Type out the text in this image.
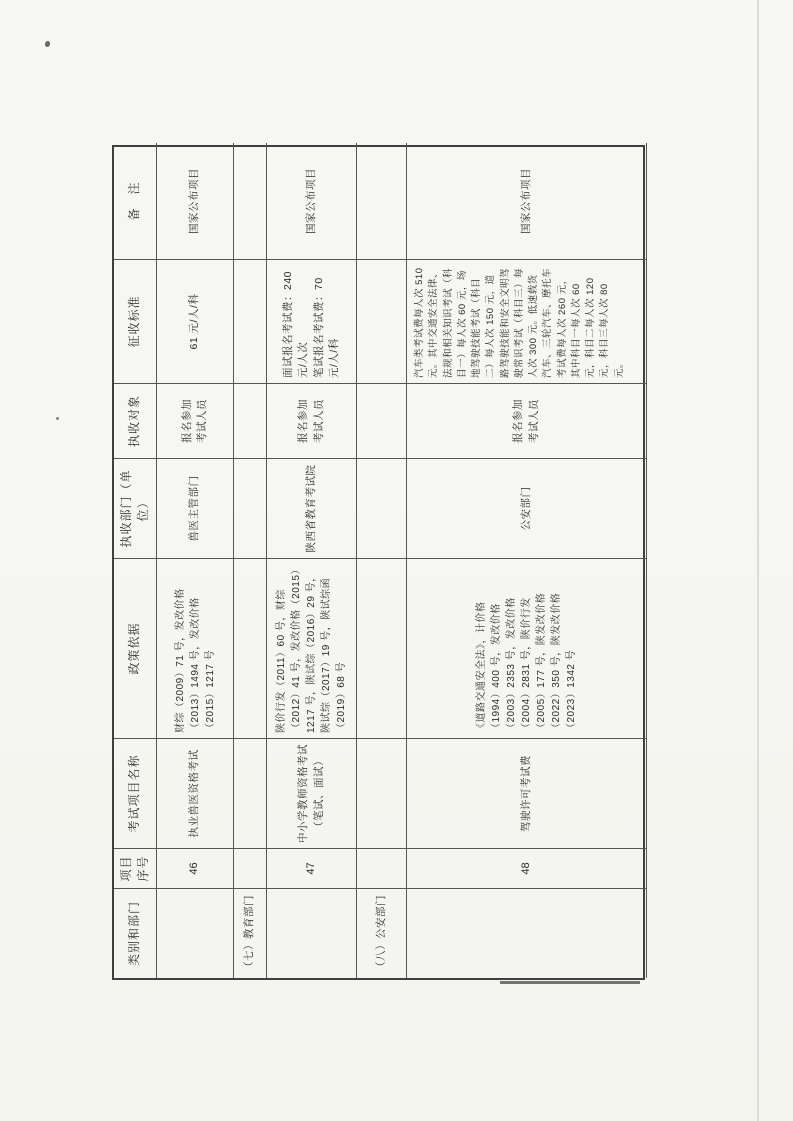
类别和部门
项目序号
考试项目名称
政策依据
执收部门（单位）
执收对象
征收标准
备　注
46
执业兽医资格考试
财综（2009）71 号，发改价格（2013）1494 号，发改价格（2015）1217 号
兽医主管部门
报名参加考试人员
61 元/人/科
国家公布项目
（七）教育部门
47
中小学教师资格考试（笔试、面试）
陕价行发（2011）60 号，财综（2012）41 号，发改价格（2015）1217 号，陕试综（2016）29 号，陕试综（2017）19 号，陕试综函（2019）68 号
陕西省教育考试院
报名参加考试人员
面试报名考试费：240 元/人次 笔试报名考试费：70 元/人/科
国家公布项目
（八）公安部门
48
驾驶许可考试费
《道路交通安全法》，计价格（1994）400 号，发改价格（2003）2353 号，发改价格（2004）2831 号，陕价行发（2005）177 号，陕发改价格（2022）350 号，陕发改价格（2023）1342 号
公安部门
报名参加考试人员
汽车类考试费每人次 510 元。其中交通安全法律、法规和相关知识考试（科目一）每人次 60 元，场地驾驶技能考试（科目二）每人次 150 元，道路驾驶技能和安全文明驾驶常识考试（科目三）每人次 300 元。低速载货汽车、三轮汽车、摩托车考试费每人次 260 元，其中科目一每人次 60 元，科目二每人次 120 元，科目三每人次 80 元。
国家公布项目
